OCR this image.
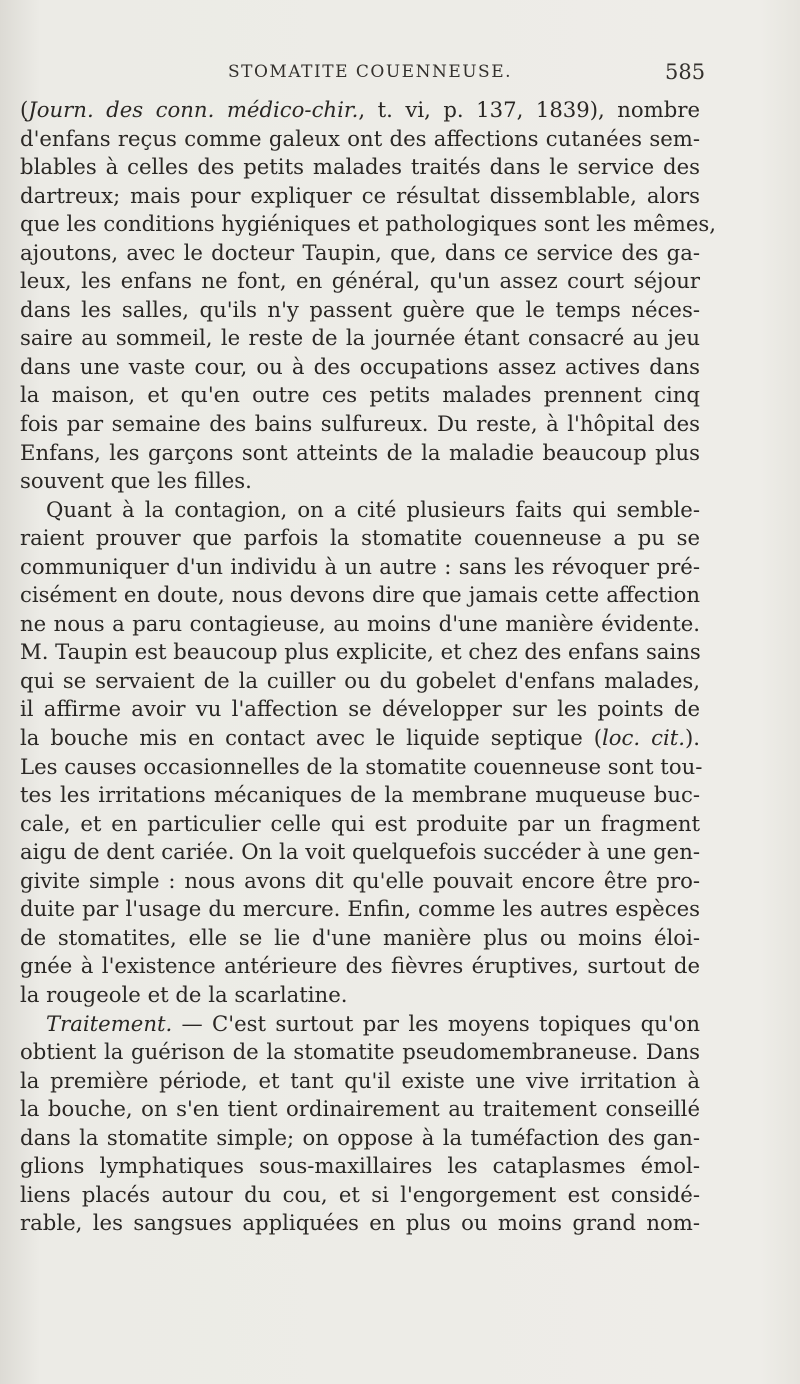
STOMATITE COUENNEUSE.	585
(Journ. des conn. médico-chir., t. vi, p. 137, 1839), nombre
d'enfans reçus comme galeux ont des affections cutanées sem-
blables à celles des petits malades traités dans le service des
dartreux; mais pour expliquer ce résultat dissemblable, alors
que les conditions hygiéniques et pathologiques sont les mêmes,
ajoutons, avec le docteur Taupin, que, dans ce service des ga-
leux, les enfans ne font, en général, qu'un assez court séjour
dans les salles, qu'ils n'y passent guère que le temps néces-
saire au sommeil, le reste de la journée étant consacré au jeu
dans une vaste cour, ou à des occupations assez actives dans
la maison, et qu'en outre ces petits malades prennent cinq
fois par semaine des bains sulfureux. Du reste, à l'hôpital des
Enfans, les garçons sont atteints de la maladie beaucoup plus
souvent que les filles.
Quant à la contagion, on a cité plusieurs faits qui semble-
raient prouver que parfois la stomatite couenneuse a pu se
communiquer d'un individu à un autre : sans les révoquer pré-
cisément en doute, nous devons dire que jamais cette affection
ne nous a paru contagieuse, au moins d'une manière évidente.
M. Taupin est beaucoup plus explicite, et chez des enfans sains
qui se servaient de la cuiller ou du gobelet d'enfans malades,
il affirme avoir vu l'affection se développer sur les points de
la bouche mis en contact avec le liquide septique (loc. cit.).
Les causes occasionnelles de la stomatite couenneuse sont tou-
tes les irritations mécaniques de la membrane muqueuse buc-
cale, et en particulier celle qui est produite par un fragment
aigu de dent cariée. On la voit quelquefois succéder à une gen-
givite simple : nous avons dit qu'elle pouvait encore être pro-
duite par l'usage du mercure. Enfin, comme les autres espèces
de stomatites, elle se lie d'une manière plus ou moins éloi-
gnée à l'existence antérieure des fièvres éruptives, surtout de
la rougeole et de la scarlatine.
Traitement. — C'est surtout par les moyens topiques qu'on
obtient la guérison de la stomatite pseudomembraneuse. Dans
la première période, et tant qu'il existe une vive irritation à
la bouche, on s'en tient ordinairement au traitement conseillé
dans la stomatite simple; on oppose à la tuméfaction des gan-
glions lymphatiques sous-maxillaires les cataplasmes émol-
liens placés autour du cou, et si l'engorgement est considé-
rable, les sangsues appliquées en plus ou moins grand nom-
